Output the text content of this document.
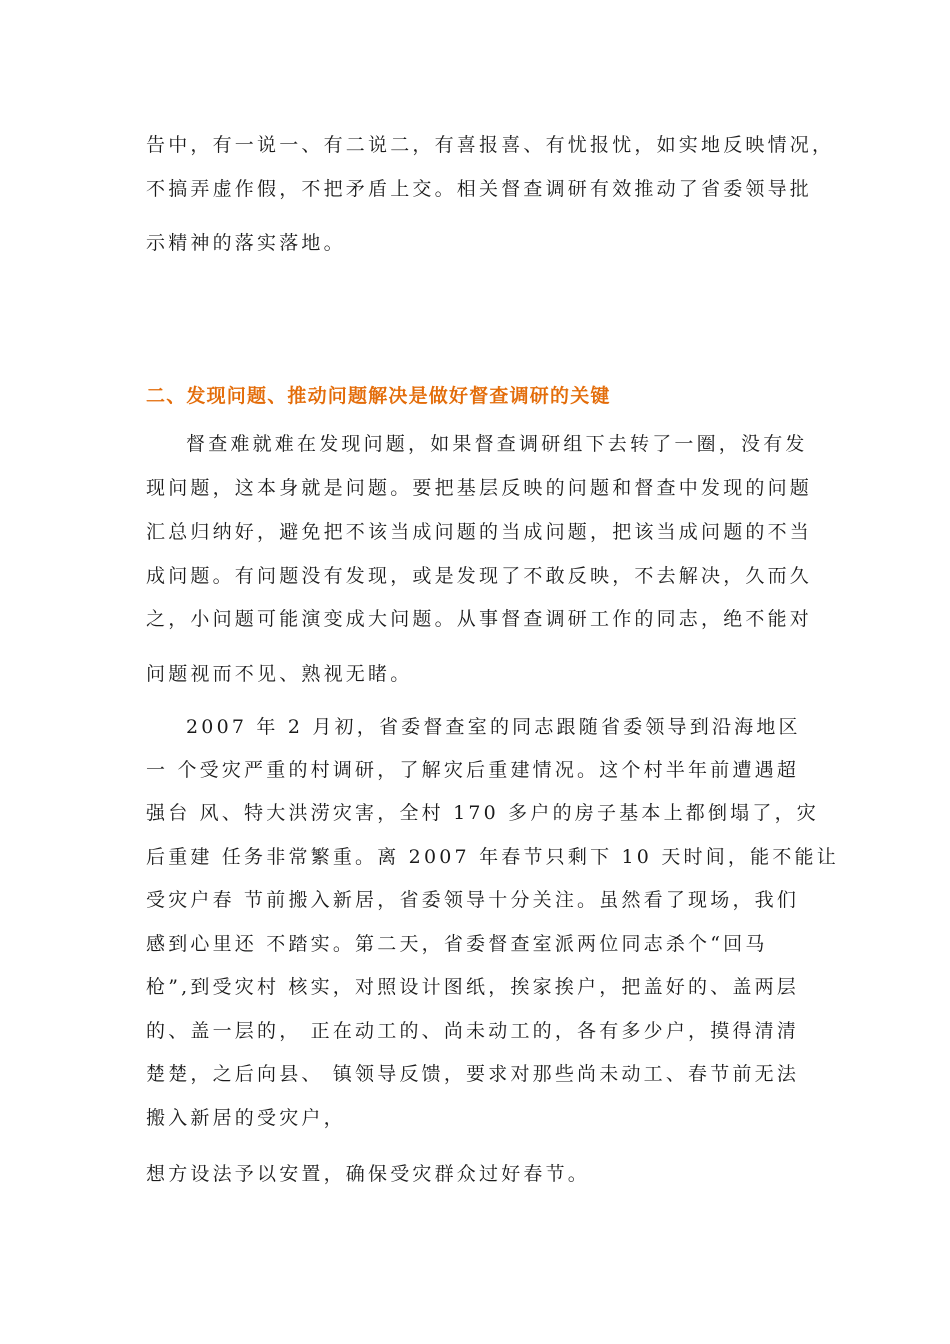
告中，有一说一、有二说二，有喜报喜、有忧报忧，如实地反映情况，
不搞弄虚作假，不把矛盾上交。相关督查调研有效推动了省委领导批
示精神的落实落地。
二、发现问题、推动问题解决是做好督查调研的关键
督查难就难在发现问题，如果督查调研组下去转了一圈，没有发
现问题，这本身就是问题。要把基层反映的问题和督查中发现的问题
汇总归纳好，避免把不该当成问题的当成问题，把该当成问题的不当
成问题。有问题没有发现，或是发现了不敢反映，不去解决，久而久
之，小问题可能演变成大问题。从事督查调研工作的同志，绝不能对
问题视而不见、熟视无睹。
2007 年 2 月初，省委督查室的同志跟随省委领导到沿海地区
一 个受灾严重的村调研，了解灾后重建情况。这个村半年前遭遇超
强台 风、特大洪涝灾害，全村 170 多户的房子基本上都倒塌了，灾
后重建 任务非常繁重。离 2007 年春节只剩下 10 天时间，能不能让
受灾户春 节前搬入新居，省委领导十分关注。虽然看了现场，我们
感到心里还 不踏实。第二天，省委督查室派两位同志杀个“回马
枪”,到受灾村 核实，对照设计图纸，挨家挨户，把盖好的、盖两层
的、盖一层的， 正在动工的、尚未动工的，各有多少户，摸得清清
楚楚，之后向县、 镇领导反馈，要求对那些尚未动工、春节前无法
搬入新居的受灾户，
想方设法予以安置，确保受灾群众过好春节。
